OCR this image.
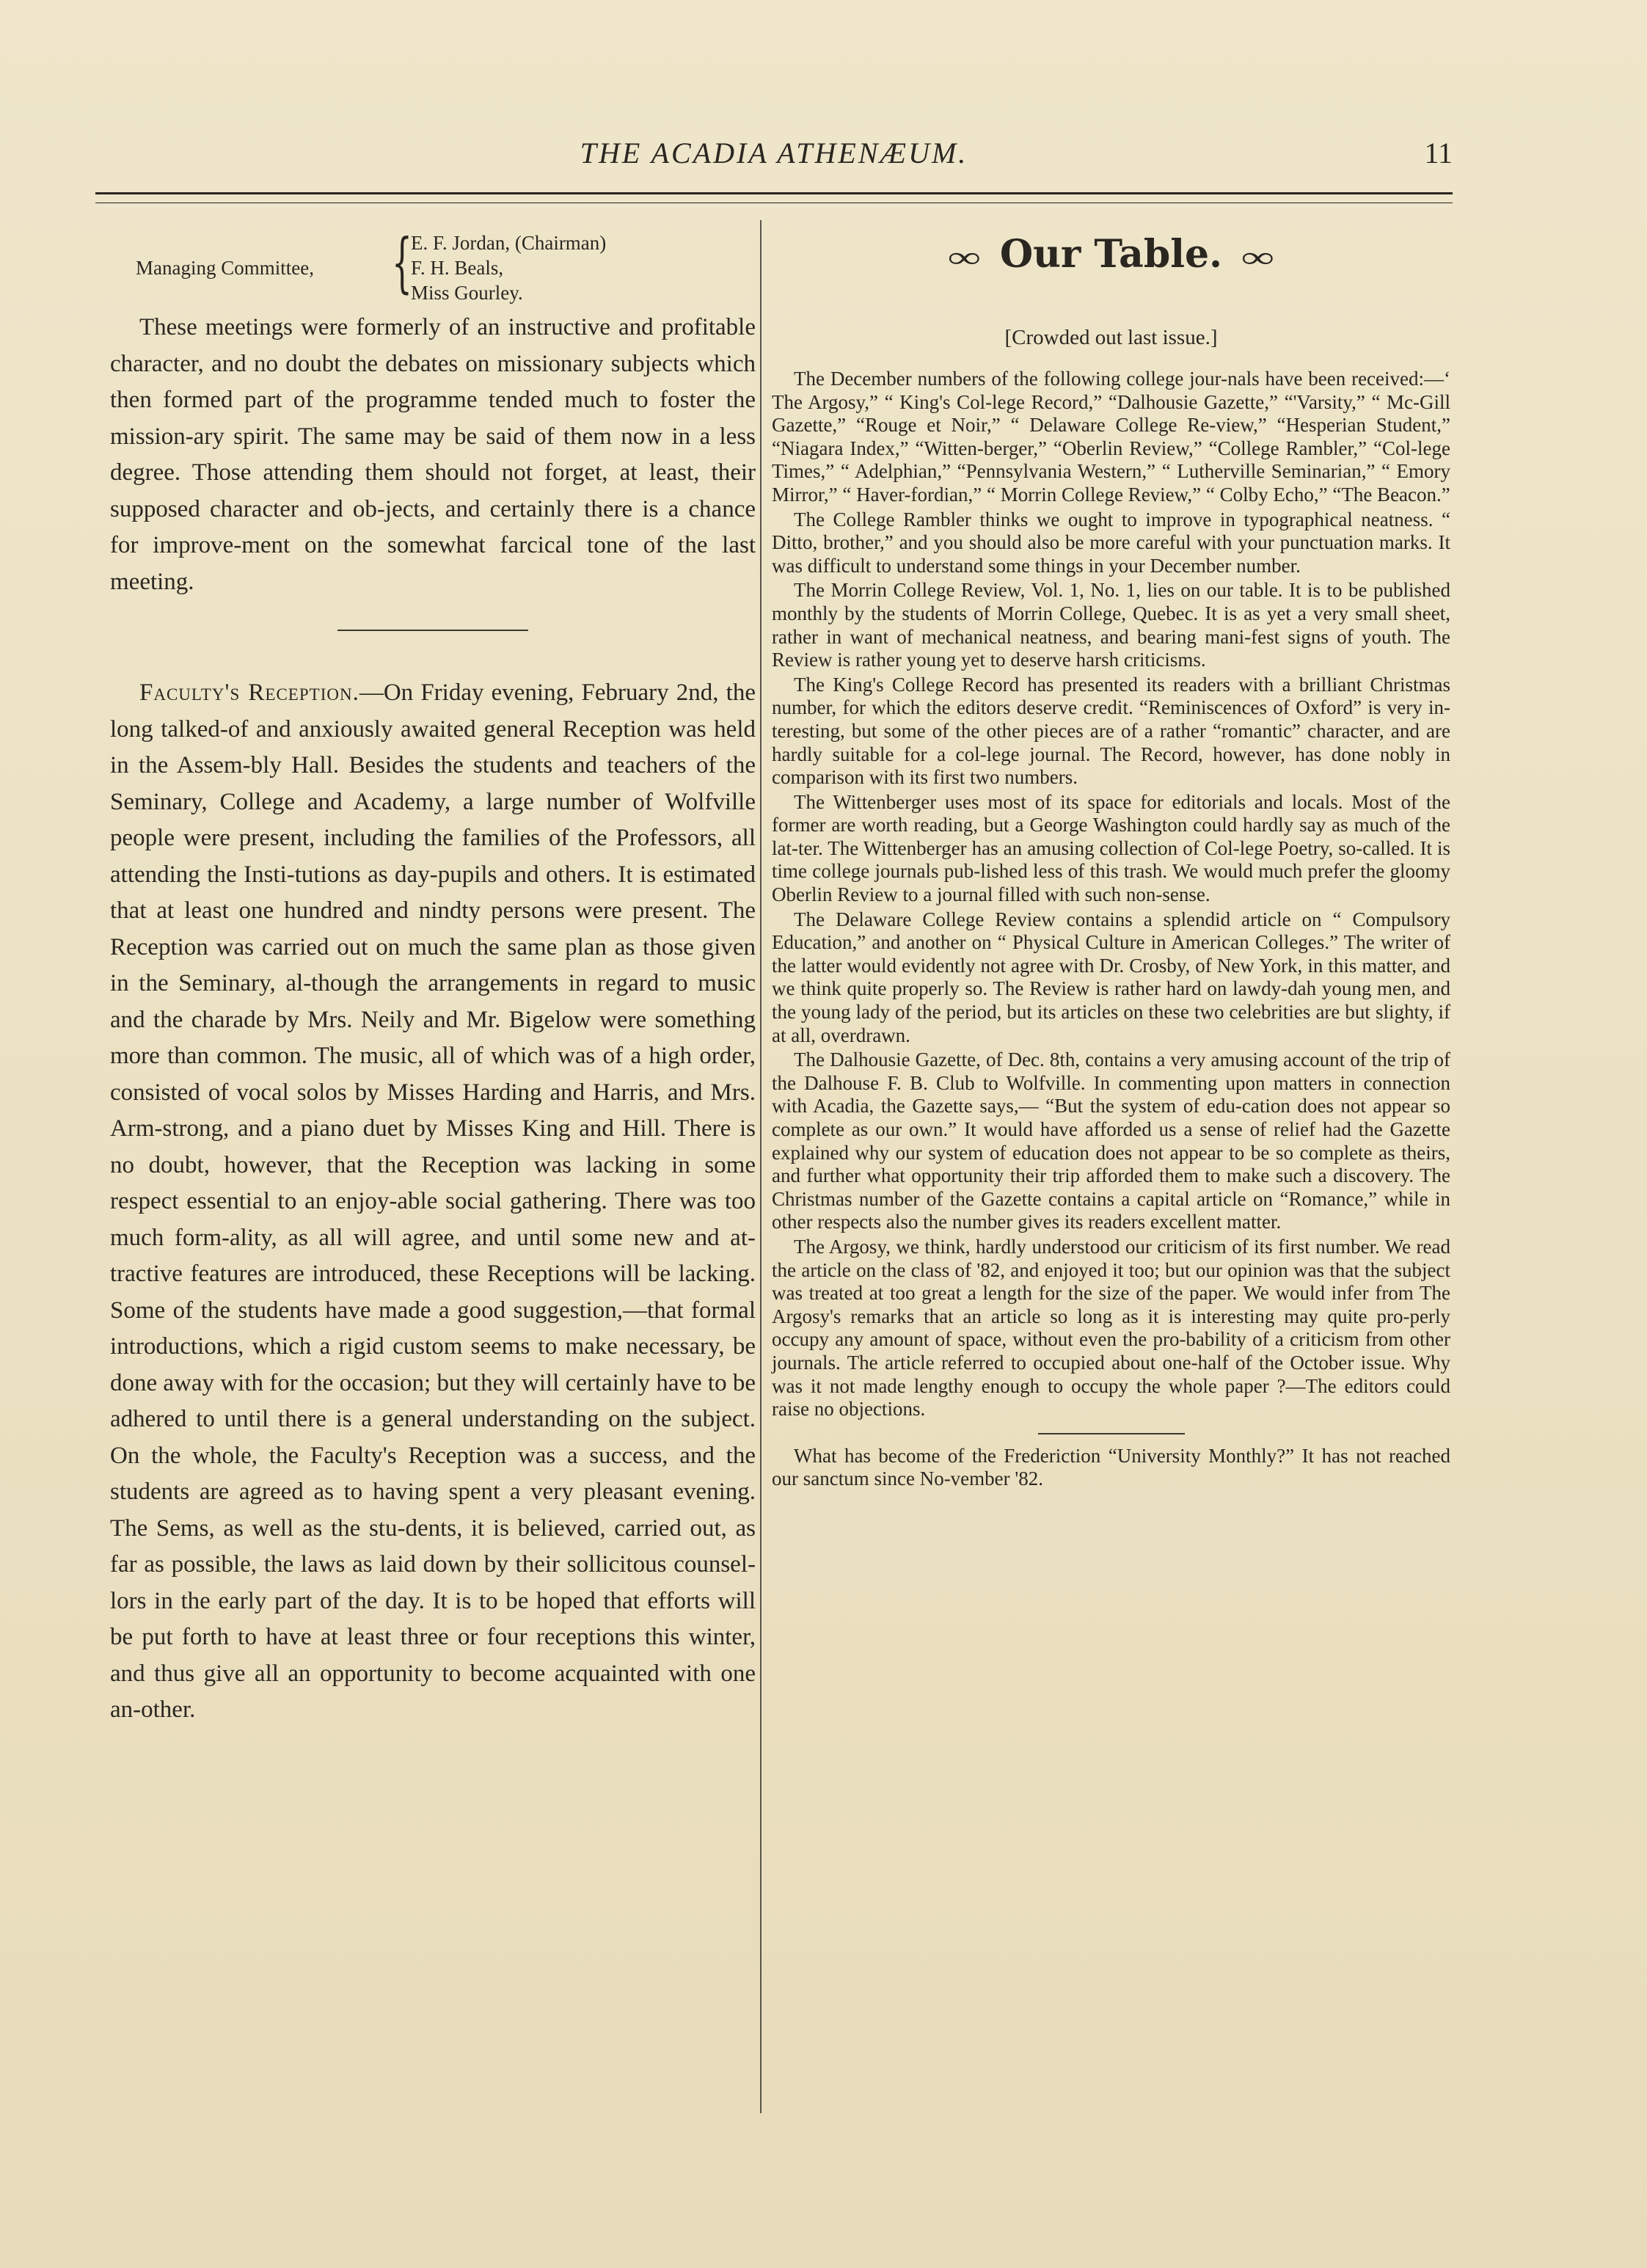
THE ACADIA ATHENÆUM.	11
Managing Committee, {
E. F. Jordan, (Chairman)
F. H. Beals,
Miss Gourley.

These meetings were formerly of an instructive and profitable character, and no doubt the debates on missionary subjects which then formed part of the programme tended much to foster the mission-ary spirit. The same may be said of them now in a less degree. Those attending them should not forget, at least, their supposed character and ob-jects, and certainly there is a chance for improve-ment on the somewhat farcical tone of the last meeting.

Faculty's Reception.—On Friday evening, February 2nd, the long talked-of and anxiously awaited general Reception was held in the Assem-bly Hall. Besides the students and teachers of the Seminary, College and Academy, a large number of Wolfville people were present, including the families of the Professors, all attending the Insti-tutions as day-pupils and others. It is estimated that at least one hundred and nindty persons were present. The Reception was carried out on much the same plan as those given in the Seminary, al-though the arrangements in regard to music and the charade by Mrs. Neily and Mr. Bigelow were something more than common. The music, all of which was of a high order, consisted of vocal solos by Misses Harding and Harris, and Mrs. Arm-strong, and a piano duet by Misses King and Hill. There is no doubt, however, that the Reception was lacking in some respect essential to an enjoy-able social gathering. There was too much form-ality, as all will agree, and until some new and at-tractive features are introduced, these Receptions will be lacking. Some of the students have made a good suggestion,—that formal introductions, which a rigid custom seems to make necessary, be done away with for the occasion; but they will certainly have to be adhered to until there is a general understanding on the subject. On the whole, the Faculty's Reception was a success, and the students are agreed as to having spent a very pleasant evening. The Sems, as well as the stu-dents, it is believed, carried out, as far as possible, the laws as laid down by their sollicitous counsel-lors in the early part of the day. It is to be hoped that efforts will be put forth to have at least three or four receptions this winter, and thus give all an opportunity to become acquainted with one an-other.

∞ Our Table. ∞
[Crowded out last issue.]

The December numbers of the following college jour-nals have been received:—‘ The Argosy,” “ King's Col-lege Record,” “Dalhousie Gazette,” “'Varsity,” “ Mc-Gill Gazette,” “Rouge et Noir,” “ Delaware College Re-view,” “Hesperian Student,” “Niagara Index,” “Witten-berger,” “Oberlin Review,” “College Rambler,” “Col-lege Times,” “ Adelphian,” “Pennsylvania Western,” “ Lutherville Seminarian,” “ Emory Mirror,” “ Haver-fordian,” “ Morrin College Review,” “ Colby Echo,” “The Beacon.”

The College Rambler thinks we ought to improve in typographical neatness. “ Ditto, brother,” and you should also be more careful with your punctuation marks. It was difficult to understand some things in your December number.

The Morrin College Review, Vol. 1, No. 1, lies on our table. It is to be published monthly by the students of Morrin College, Quebec. It is as yet a very small sheet, rather in want of mechanical neatness, and bearing mani-fest signs of youth. The Review is rather young yet to deserve harsh criticisms.

The King's College Record has presented its readers with a brilliant Christmas number, for which the editors deserve credit. “Reminiscences of Oxford” is very in-teresting, but some of the other pieces are of a rather “romantic” character, and are hardly suitable for a col-lege journal. The Record, however, has done nobly in comparison with its first two numbers.

The Wittenberger uses most of its space for editorials and locals. Most of the former are worth reading, but a George Washington could hardly say as much of the lat-ter. The Wittenberger has an amusing collection of Col-lege Poetry, so-called. It is time college journals pub-lished less of this trash. We would much prefer the gloomy Oberlin Review to a journal filled with such non-sense.

The Delaware College Review contains a splendid article on “ Compulsory Education,” and another on “ Physical Culture in American Colleges.” The writer of the latter would evidently not agree with Dr. Crosby, of New York, in this matter, and we think quite properly so. The Review is rather hard on lawdy-dah young men, and the young lady of the period, but its articles on these two celebrities are but slighty, if at all, overdrawn.

The Dalhousie Gazette, of Dec. 8th, contains a very amusing account of the trip of the Dalhouse F. B. Club to Wolfville. In commenting upon matters in connection with Acadia, the Gazette says,— “But the system of edu-cation does not appear so complete as our own.” It would have afforded us a sense of relief had the Gazette explained why our system of education does not appear to be so complete as theirs, and further what opportunity their trip afforded them to make such a discovery. The Christmas number of the Gazette contains a capital article on “Romance,” while in other respects also the number gives its readers excellent matter.

The Argosy, we think, hardly understood our criticism of its first number. We read the article on the class of '82, and enjoyed it too; but our opinion was that the subject was treated at too great a length for the size of the paper. We would infer from The Argosy's remarks that an article so long as it is interesting may quite pro-perly occupy any amount of space, without even the pro-bability of a criticism from other journals. The article referred to occupied about one-half of the October issue. Why was it not made lengthy enough to occupy the whole paper ?—The editors could raise no objections.

What has become of the Frederiction “University Monthly?” It has not reached our sanctum since No-vember '82.
